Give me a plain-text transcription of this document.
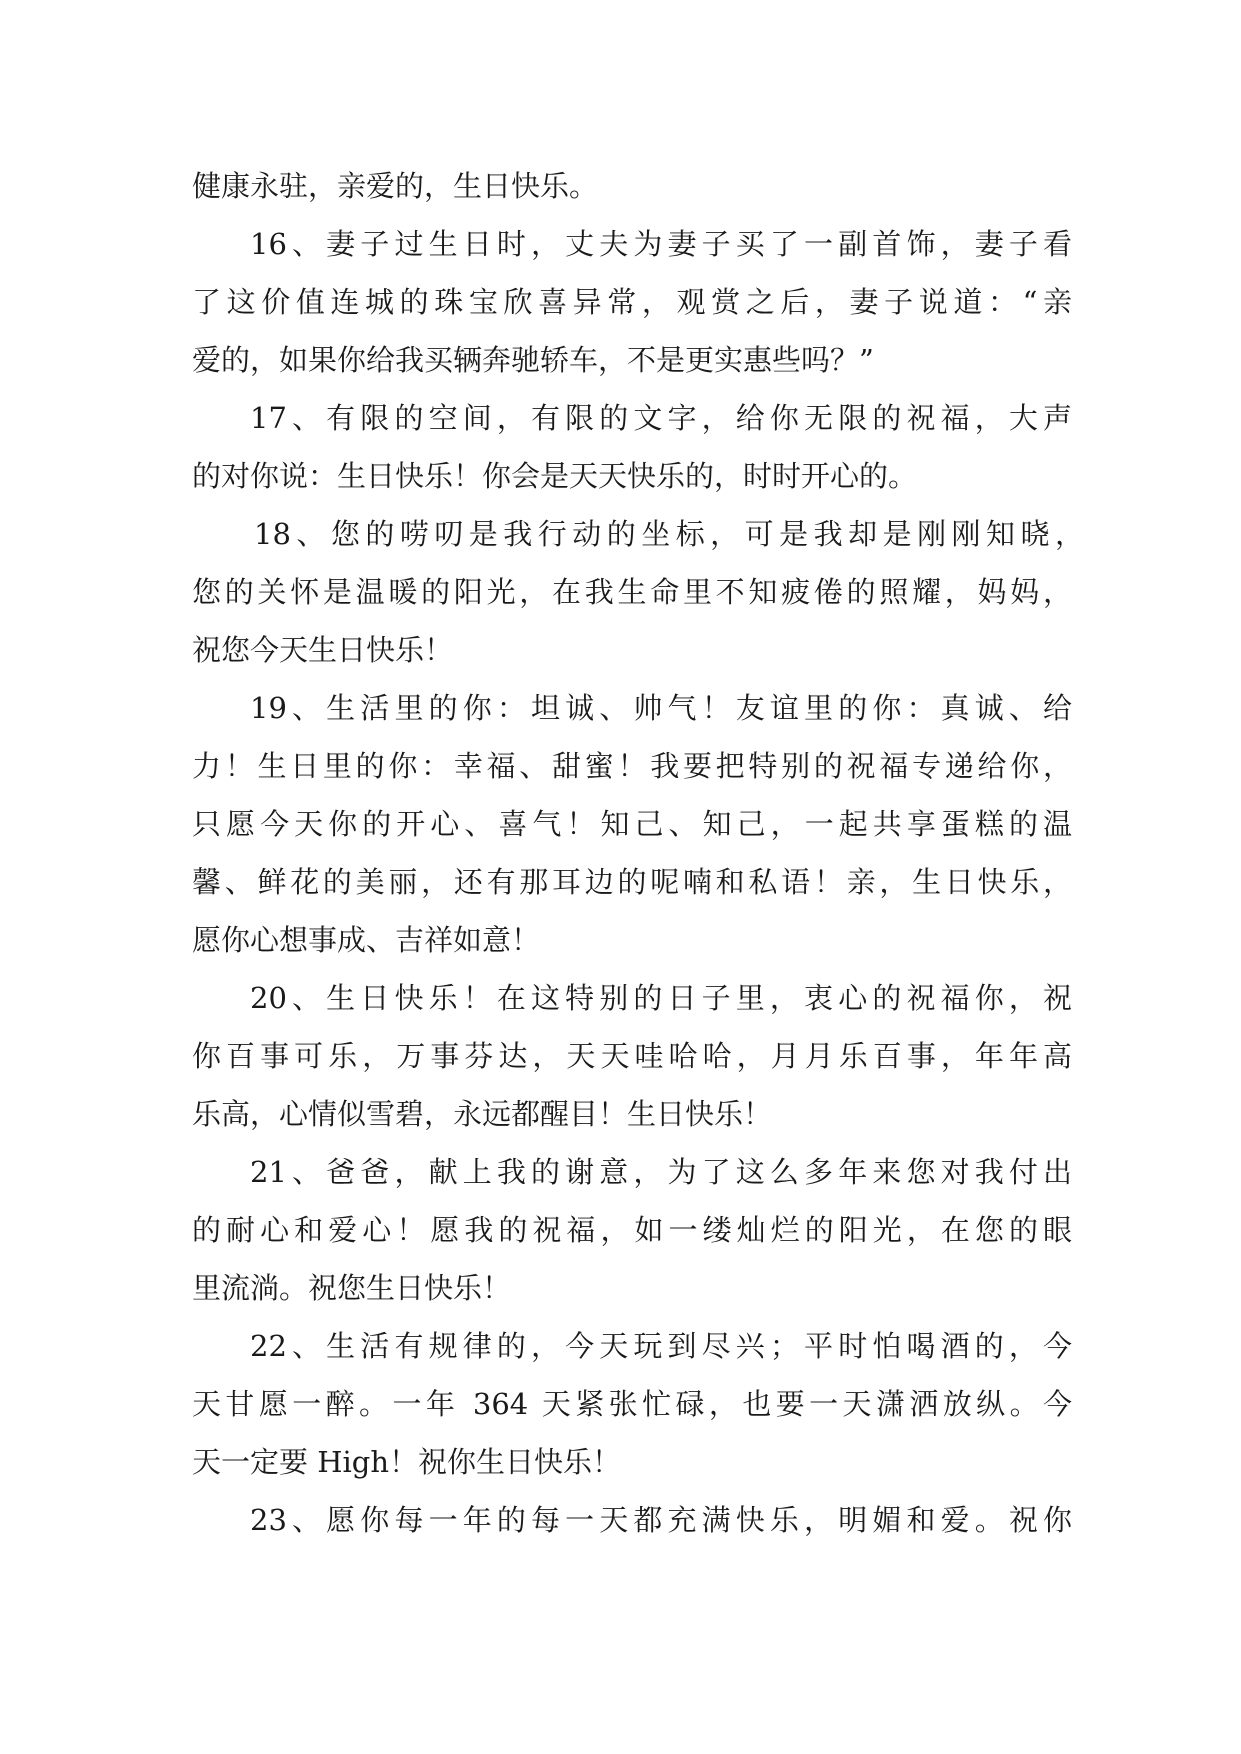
健康永驻，亲爱的，生日快乐。
16、妻子过生日时，丈夫为妻子买了一副首饰，妻子看
了这价值连城的珠宝欣喜异常，观赏之后，妻子说道：“亲
爱的，如果你给我买辆奔驰轿车，不是更实惠些吗？”
17、有限的空间，有限的文字，给你无限的祝福，大声
的对你说：生日快乐！你会是天天快乐的，时时开心的。
18、您的唠叨是我行动的坐标，可是我却是刚刚知晓，
您的关怀是温暖的阳光，在我生命里不知疲倦的照耀，妈妈，
祝您今天生日快乐！
19、生活里的你：坦诚、帅气！友谊里的你：真诚、给
力！生日里的你：幸福、甜蜜！我要把特别的祝福专递给你，
只愿今天你的开心、喜气！知己、知己，一起共享蛋糕的温
馨、鲜花的美丽，还有那耳边的呢喃和私语！亲，生日快乐，
愿你心想事成、吉祥如意！
20、生日快乐！在这特别的日子里，衷心的祝福你，祝
你百事可乐，万事芬达，天天哇哈哈，月月乐百事，年年高
乐高，心情似雪碧，永远都醒目！生日快乐！
21、爸爸，献上我的谢意，为了这么多年来您对我付出
的耐心和爱心！愿我的祝福，如一缕灿烂的阳光，在您的眼
里流淌。祝您生日快乐！
22、生活有规律的，今天玩到尽兴；平时怕喝酒的，今
天甘愿一醉。一年 364 天紧张忙碌，也要一天潇洒放纵。今
天一定要 High！祝你生日快乐！
23、愿你每一年的每一天都充满快乐，明媚和爱。祝你
